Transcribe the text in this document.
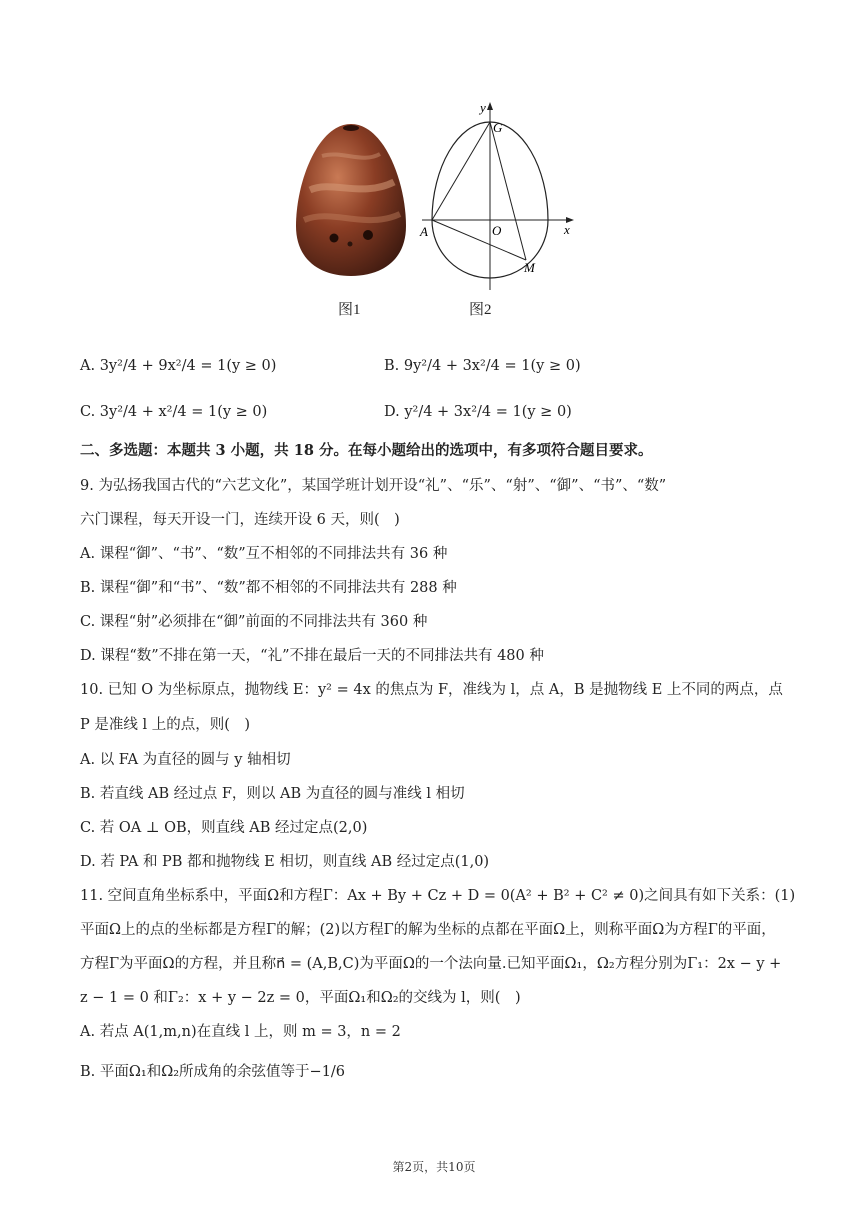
y
x
G
A	O
M
图1	图2
A. 3y²/4 + 9x²/4 = 1(y ≥ 0)	B. 9y²/4 + 3x²/4 = 1(y ≥ 0)
C. 3y²/4 + x²/4 = 1(y ≥ 0)	D. y²/4 + 3x²/4 = 1(y ≥ 0)
二、多选题：本题共 3 小题，共 18 分。在每小题给出的选项中，有多项符合题目要求。
9. 为弘扬我国古代的“六艺文化”，某国学班计划开设“礼”、“乐”、“射”、“御”、“书”、“数”
六门课程，每天开设一门，连续开设 6 天，则(　)
A. 课程“御”、“书”、“数”互不相邻的不同排法共有 36 种
B. 课程“御”和“书”、“数”都不相邻的不同排法共有 288 种
C. 课程“射”必须排在“御”前面的不同排法共有 360 种
D. 课程“数”不排在第一天，“礼”不排在最后一天的不同排法共有 480 种
10. 已知 O 为坐标原点，抛物线 E：y² = 4x 的焦点为 F，准线为 l，点 A，B 是抛物线 E 上不同的两点，点
P 是准线 l 上的点，则(　)
A. 以 FA 为直径的圆与 y 轴相切
B. 若直线 AB 经过点 F，则以 AB 为直径的圆与准线 l 相切
C. 若 OA ⊥ OB，则直线 AB 经过定点(2,0)
D. 若 PA 和 PB 都和抛物线 E 相切，则直线 AB 经过定点(1,0)
11. 空间直角坐标系中，平面Ω和方程Γ：Ax + By + Cz + D = 0(A² + B² + C² ≠ 0)之间具有如下关系：(1)
平面Ω上的点的坐标都是方程Γ的解；(2)以方程Γ的解为坐标的点都在平面Ω上，则称平面Ω为方程Γ的平面，
方程Γ为平面Ω的方程，并且称n⃗ = (A,B,C)为平面Ω的一个法向量.已知平面Ω₁，Ω₂方程分别为Γ₁：2x − y +
z − 1 = 0 和Γ₂：x + y − 2z = 0，平面Ω₁和Ω₂的交线为 l，则(　)
A. 若点 A(1,m,n)在直线 l 上，则 m = 3，n = 2
B. 平面Ω₁和Ω₂所成角的余弦值等于−1/6
第2页，共10页
